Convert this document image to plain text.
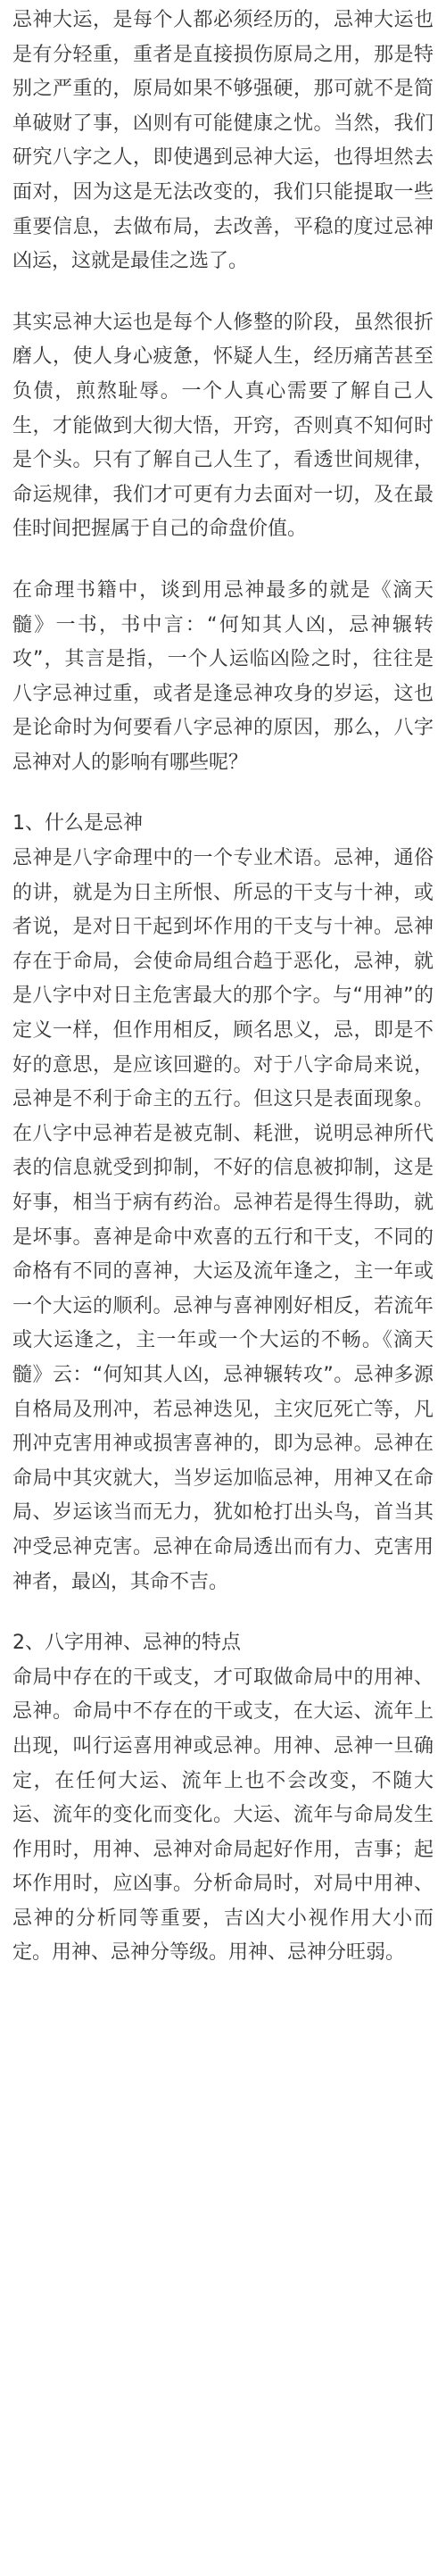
忌神大运，是每个人都必须经历的，忌神大运也是有分轻重，重者是直接损伤原局之用，那是特别之严重的，原局如果不够强硬，那可就不是简单破财了事，凶则有可能健康之忧。当然，我们研究八字之人，即使遇到忌神大运，也得坦然去面对，因为这是无法改变的，我们只能提取一些重要信息，去做布局，去改善，平稳的度过忌神凶运，这就是最佳之选了。

其实忌神大运也是每个人修整的阶段，虽然很折磨人，使人身心疲惫，怀疑人生，经历痛苦甚至负债，煎熬耻辱。一个人真心需要了解自己人生，才能做到大彻大悟，开窍，否则真不知何时是个头。只有了解自己人生了，看透世间规律，命运规律，我们才可更有力去面对一切，及在最佳时间把握属于自己的命盘价值。

在命理书籍中，谈到用忌神最多的就是《滴天髓》一书，书中言：“何知其人凶，忌神辗转攻”，其言是指，一个人运临凶险之时，往往是八字忌神过重，或者是逢忌神攻身的岁运，这也是论命时为何要看八字忌神的原因，那么，八字忌神对人的影响有哪些呢？

1、什么是忌神

忌神是八字命理中的一个专业术语。忌神，通俗的讲，就是为日主所恨、所忌的干支与十神，或者说，是对日干起到坏作用的干支与十神。忌神存在于命局，会使命局组合趋于恶化，忌神，就是八字中对日主危害最大的那个字。与“用神”的定义一样，但作用相反，顾名思义，忌，即是不好的意思，是应该回避的。对于八字命局来说，忌神是不利于命主的五行。但这只是表面现象。在八字中忌神若是被克制、耗泄，说明忌神所代表的信息就受到抑制，不好的信息被抑制，这是好事，相当于病有药治。忌神若是得生得助，就是坏事。喜神是命中欢喜的五行和干支，不同的命格有不同的喜神，大运及流年逢之，主一年或一个大运的顺利。忌神与喜神刚好相反，若流年或大运逢之，主一年或一个大运的不畅。《滴天髓》云：“何知其人凶，忌神辗转攻”。忌神多源自格局及刑冲，若忌神迭见，主灾厄死亡等，凡刑冲克害用神或损害喜神的，即为忌神。忌神在命局中其灾就大，当岁运加临忌神，用神又在命局、岁运该当而无力，犹如枪打出头鸟，首当其冲受忌神克害。忌神在命局透出而有力、克害用神者，最凶，其命不吉。

2、八字用神、忌神的特点

命局中存在的干或支，才可取做命局中的用神、忌神。命局中不存在的干或支，在大运、流年上出现，叫行运喜用神或忌神。用神、忌神一旦确定，在任何大运、流年上也不会改变，不随大运、流年的变化而变化。大运、流年与命局发生作用时，用神、忌神对命局起好作用，吉事；起坏作用时，应凶事。分析命局时，对局中用神、忌神的分析同等重要，吉凶大小视作用大小而定。用神、忌神分等级。用神、忌神分旺弱。
